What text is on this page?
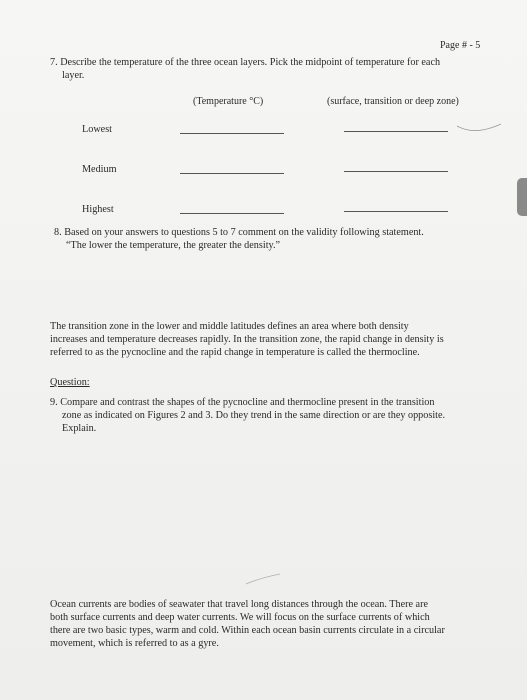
Page # - 5
7. Describe the temperature of the three ocean layers. Pick the midpoint of temperature for each
layer.
(Temperature °C)	(surface, transition or deep zone)
Lowest
Medium
Highest
8. Based on your answers to questions 5 to 7 comment on the validity following statement.
“The lower the temperature, the greater the density.”
The transition zone in the lower and middle latitudes defines an area where both density
increases and temperature decreases rapidly. In the transition zone, the rapid change in density is
referred to as the pycnocline and the rapid change in temperature is called the thermocline.
Question:
9. Compare and contrast the shapes of the pycnocline and thermocline present in the transition
zone as indicated on Figures 2 and 3. Do they trend in the same direction or are they opposite.
Explain.
Ocean currents are bodies of seawater that travel long distances through the ocean. There are
both surface currents and deep water currents. We will focus on the surface currents of which
there are two basic types, warm and cold. Within each ocean basin currents circulate in a circular
movement, which is referred to as a gyre.
